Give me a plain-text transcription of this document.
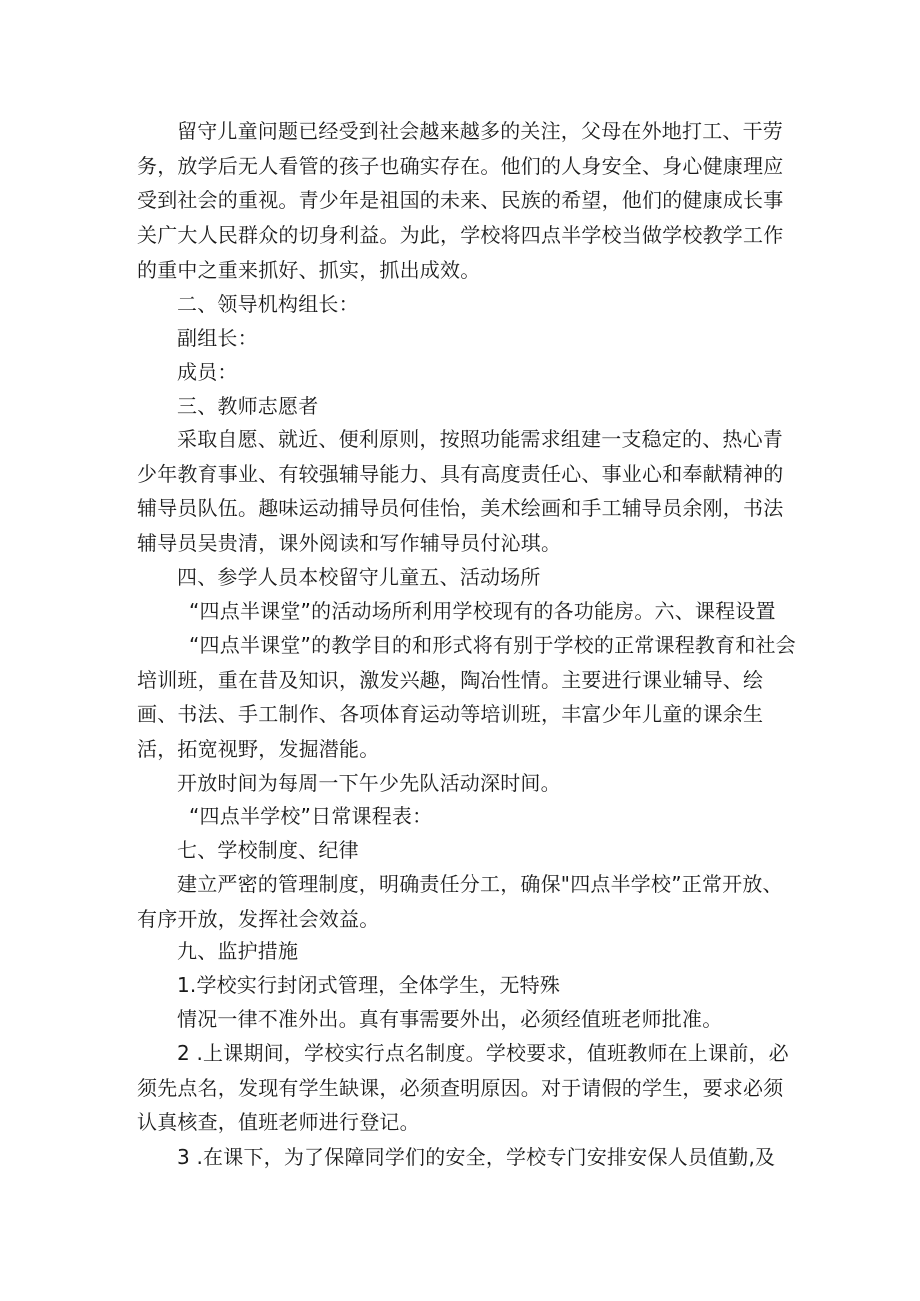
留守儿童问题已经受到社会越来越多的关注，父母在外地打工、干劳务，放学后无人看管的孩子也确实存在。他们的人身安全、身心健康理应受到社会的重视。青少年是祖国的未来、民族的希望，他们的健康成长事关广大人民群众的切身利益。为此，学校将四点半学校当做学校教学工作的重中之重来抓好、抓实，抓出成效。

二、领导机构组长：

副组长：

成员：

三、教师志愿者

采取自愿、就近、便利原则，按照功能需求组建一支稳定的、热心青少年教育事业、有较强辅导能力、具有高度责任心、事业心和奉献精神的辅导员队伍。趣味运动捕导员何佳怡，美术绘画和手工辅导员余刚，书法辅导员吴贵清，课外阅读和写作辅导员付沁琪。

四、参学人员本校留守儿童五、活动场所

“四点半课堂”的活动场所利用学校现有的各功能房。六、课程设置

“四点半课堂”的教学目的和形式将有别于学校的正常课程教育和社会培训班，重在昔及知识，激发兴趣，陶冶性情。主要进行课业辅导、绘画、书法、手工制作、各项体育运动等培训班，丰富少年儿童的课余生活，拓宽视野，发掘潜能。

开放时间为每周一下午少先队活动深时间。

“四点半学校”日常课程表：

七、学校制度、纪律

建立严密的管理制度，明确责任分工，确保"四点半学校”正常开放、有序开放，发挥社会效益。

九、监护措施

1.学校实行封闭式管理，全体学生，无特殊

情况一律不准外出。真有事需要外出，必须经值班老师批准。

2 .上课期间，学校实行点名制度。学校要求，值班教师在上课前，必须先点名，发现有学生缺课，必须查明原因。对于请假的学生，要求必须认真核查，值班老师进行登记。

3 .在课下，为了保障同学们的安全，学校专门安排安保人员值勤,及
